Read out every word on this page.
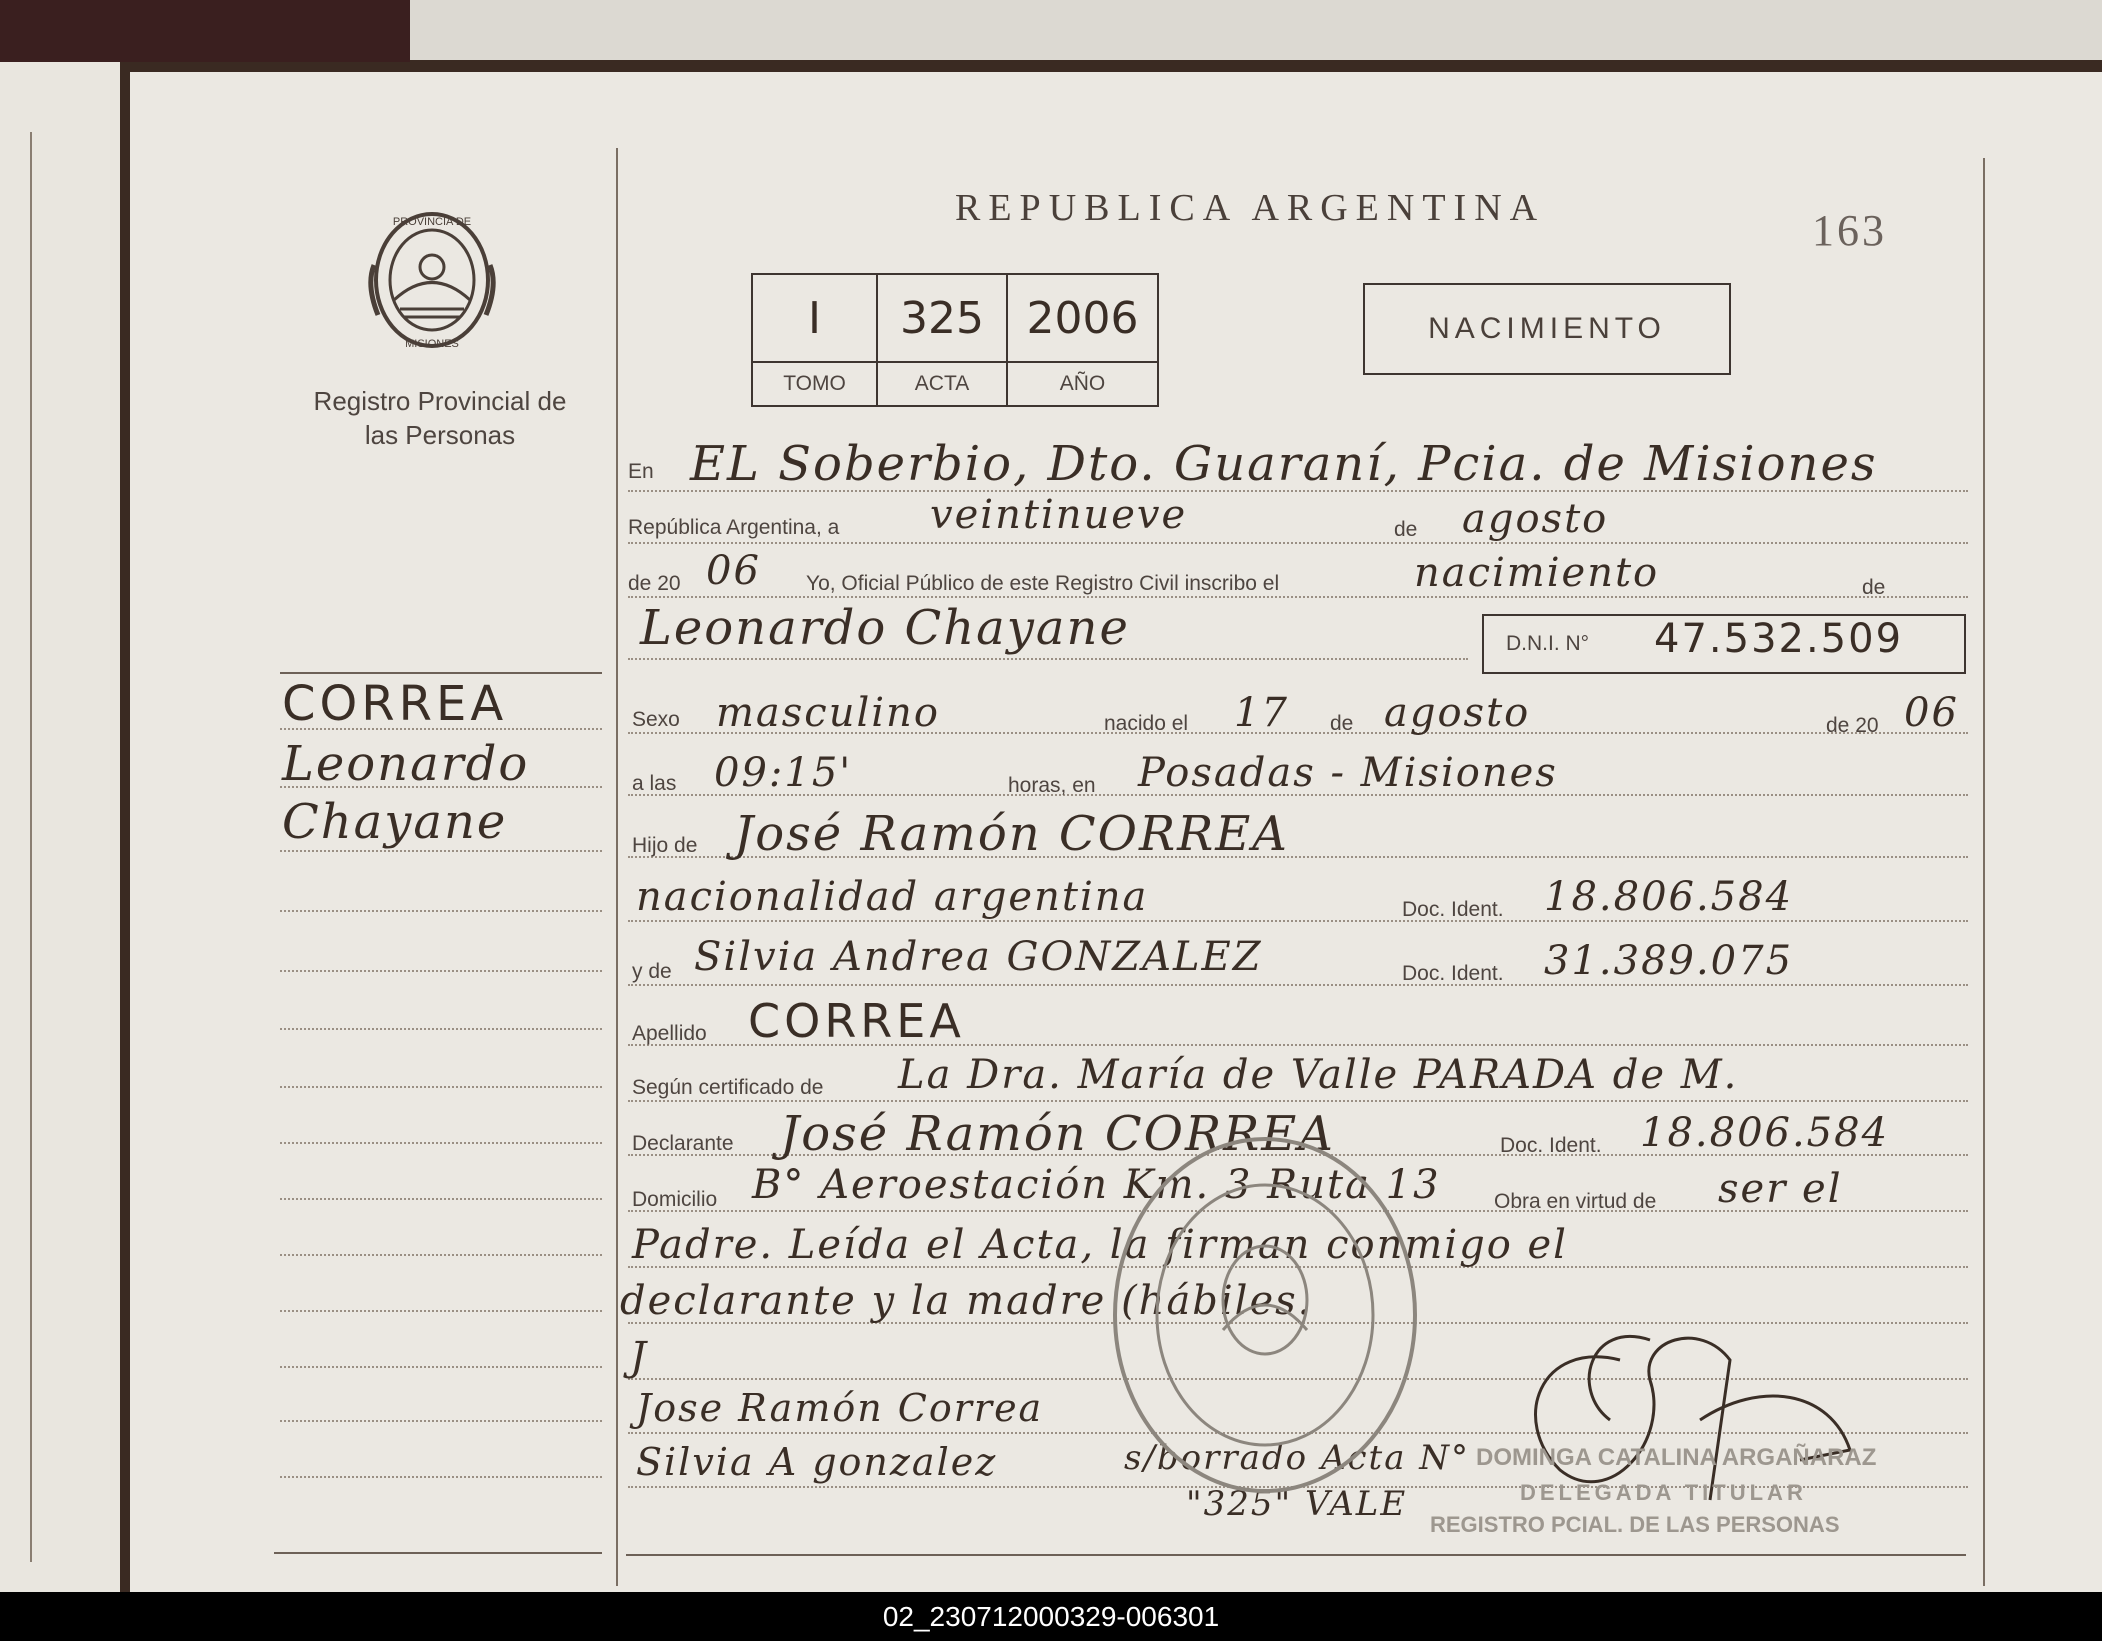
REPUBLICA ARGENTINA	163
PROVINCIA DE
MISIONES
Registro Provincial de las Personas
I	325 2006
TOMO	ACTA	AÑO
NACIMIENTO
CORREA
Leonardo
Chayane
En EL Soberbio, Dto. Guaraní, Pcia. de Misiones
República Argentina, a veintinueve	de agosto
de 20 06 Yo, Oficial Público de este Registro Civil inscribo el	nacimiento	de
Leonardo Chayane	D.N.I. N° 47.532.509
Sexo masculino	nacido el 17 de agosto	de 20 06
a las 09:15'	horas, en Posadas - Misiones
Hijo de José Ramón CORREA
nacionalidad argentina	Doc. Ident. 18.806.584
y de Silvia Andrea GONZALEZ	Doc. Ident. 31.389.075
Apellido CORREA
Según certificado de La Dra. María de Valle PARADA de M.
Declarante José Ramón CORREA	Doc. Ident. 18.806.584
Domicilio B° Aeroestación Km. 3 Ruta 13	Obra en virtud de ser el
Padre. Leída el Acta, la firman conmigo el
declarante y la madre (hábiles.
J
Jose Ramón Correa
Silvia A gonzalez	s/borrado Acta N°
"325" VALE
DOMINGA CATALINA ARGAÑARAZ
DELEGADA TITULAR
REGISTRO PCIAL. DE LAS PERSONAS
02_230712000329-006301
